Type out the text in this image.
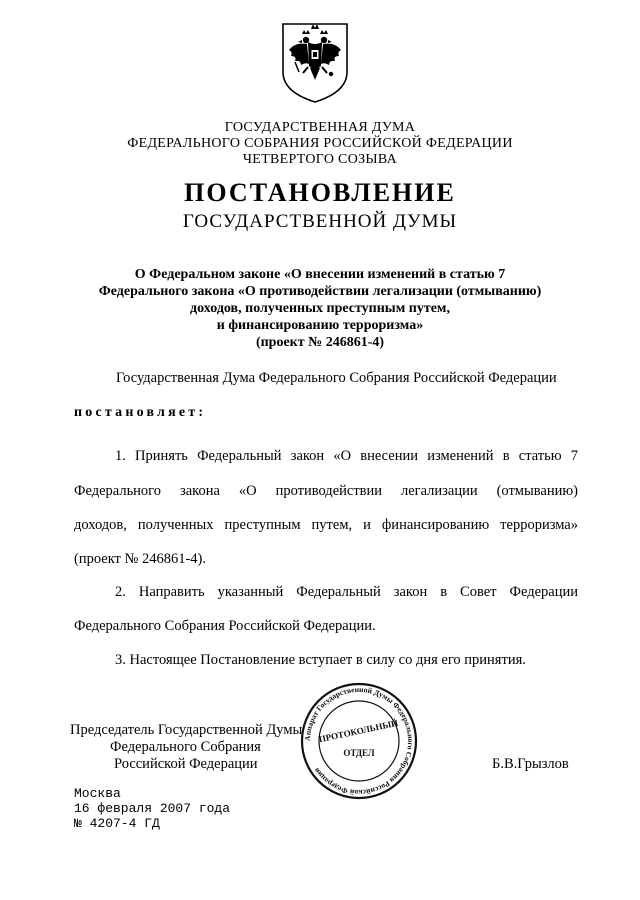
ГОСУДАРСТВЕННАЯ ДУМА
ФЕДЕРАЛЬНОГО СОБРАНИЯ РОССИЙСКОЙ ФЕДЕРАЦИИ
ЧЕТВЕРТОГО СОЗЫВА
ПОСТАНОВЛЕНИЕ
ГОСУДАРСТВЕННОЙ ДУМЫ
О Федеральном законе «О внесении изменений в статью 7
Федерального закона «О противодействии легализации (отмыванию)
доходов, полученных преступным путем,
и финансированию терроризма»
(проект № 246861-4)
Государственная Дума Федерального Собрания Российской Федерации
постановляет:
1. Принять Федеральный закон «О внесении изменений в статью 7
Федерального закона «О противодействии легализации (отмыванию)
доходов, полученных преступным путем, и финансированию терроризма»
(проект № 246861-4).
2. Направить указанный Федеральный закон в Совет Федерации
Федерального Собрания Российской Федерации.
3. Настоящее Постановление вступает в силу со дня его принятия.
Председатель Государственной Думы
Федерального Собрания
Российской Федерации	Б.В.Грызлов
Аппарат Государственной Думы Федерального Собрания Российской Федерации
ПРОТОКОЛЬНЫЙ
ОТДЕЛ
Москва
16 февраля 2007 года
№ 4207-4 ГД
